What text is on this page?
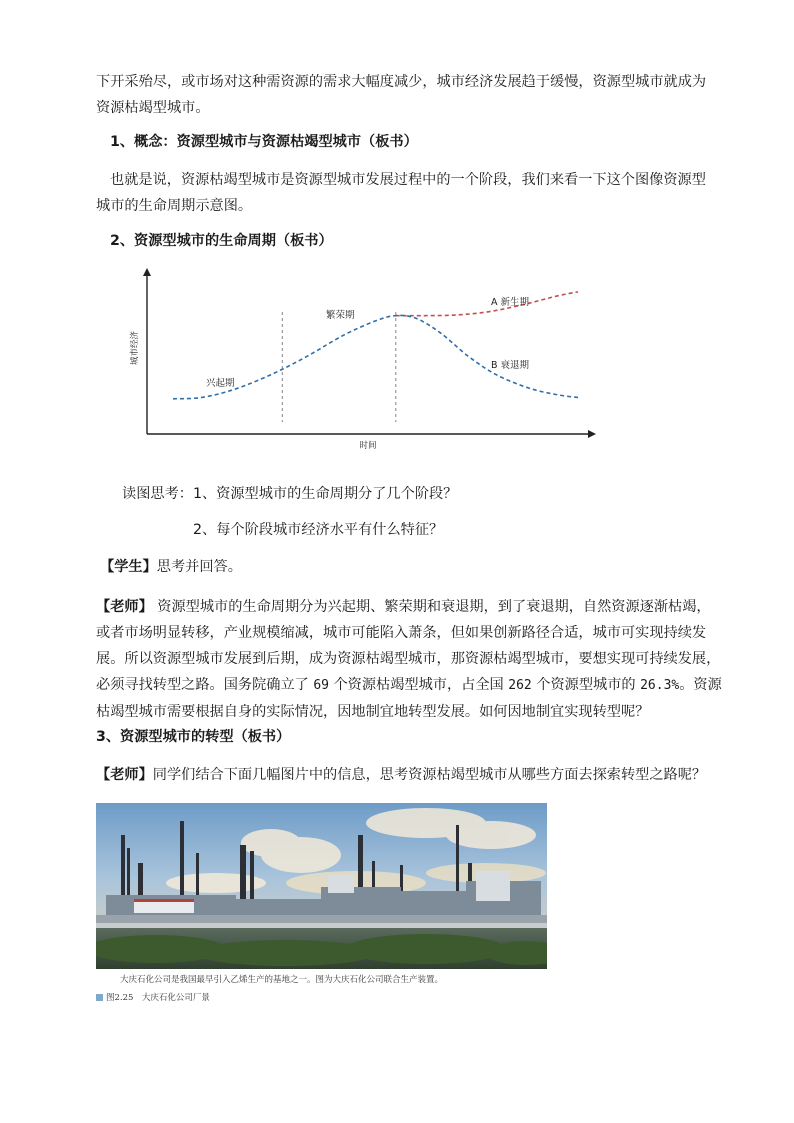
下开采殆尽，或市场对这种需资源的需求大幅度减少，城市经济发展趋于缓慢，资源型城市就成为
资源枯竭型城市。
1、概念：资源型城市与资源枯竭型城市（板书）
也就是说，资源枯竭型城市是资源型城市发展过程中的一个阶段，我们来看一下这个图像资源型
城市的生命周期示意图。
2、资源型城市的生命周期（板书）
城市经济
时间
兴起期
繁荣期
A 新生期
B 衰退期
读图思考：1、资源型城市的生命周期分了几个阶段？
2、每个阶段城市经济水平有什么特征？
【学生】思考并回答。
【老师】 资源型城市的生命周期分为兴起期、繁荣期和衰退期，到了衰退期，自然资源逐渐枯竭，
或者市场明显转移，产业规模缩减，城市可能陷入萧条，但如果创新路径合适，城市可实现持续发
展。所以资源型城市发展到后期，成为资源枯竭型城市，那资源枯竭型城市，要想实现可持续发展，
必须寻找转型之路。国务院确立了 69 个资源枯竭型城市，占全国 262 个资源型城市的 26.3%。资源
枯竭型城市需要根据自身的实际情况，因地制宜地转型发展。如何因地制宜实现转型呢？
3、资源型城市的转型（板书）
【老师】同学们结合下面几幅图片中的信息，思考资源枯竭型城市从哪些方面去探索转型之路呢？
大庆石化公司是我国最早引入乙烯生产的基地之一。图为大庆石化公司联合生产装置。
图2.25　大庆石化公司厂景
